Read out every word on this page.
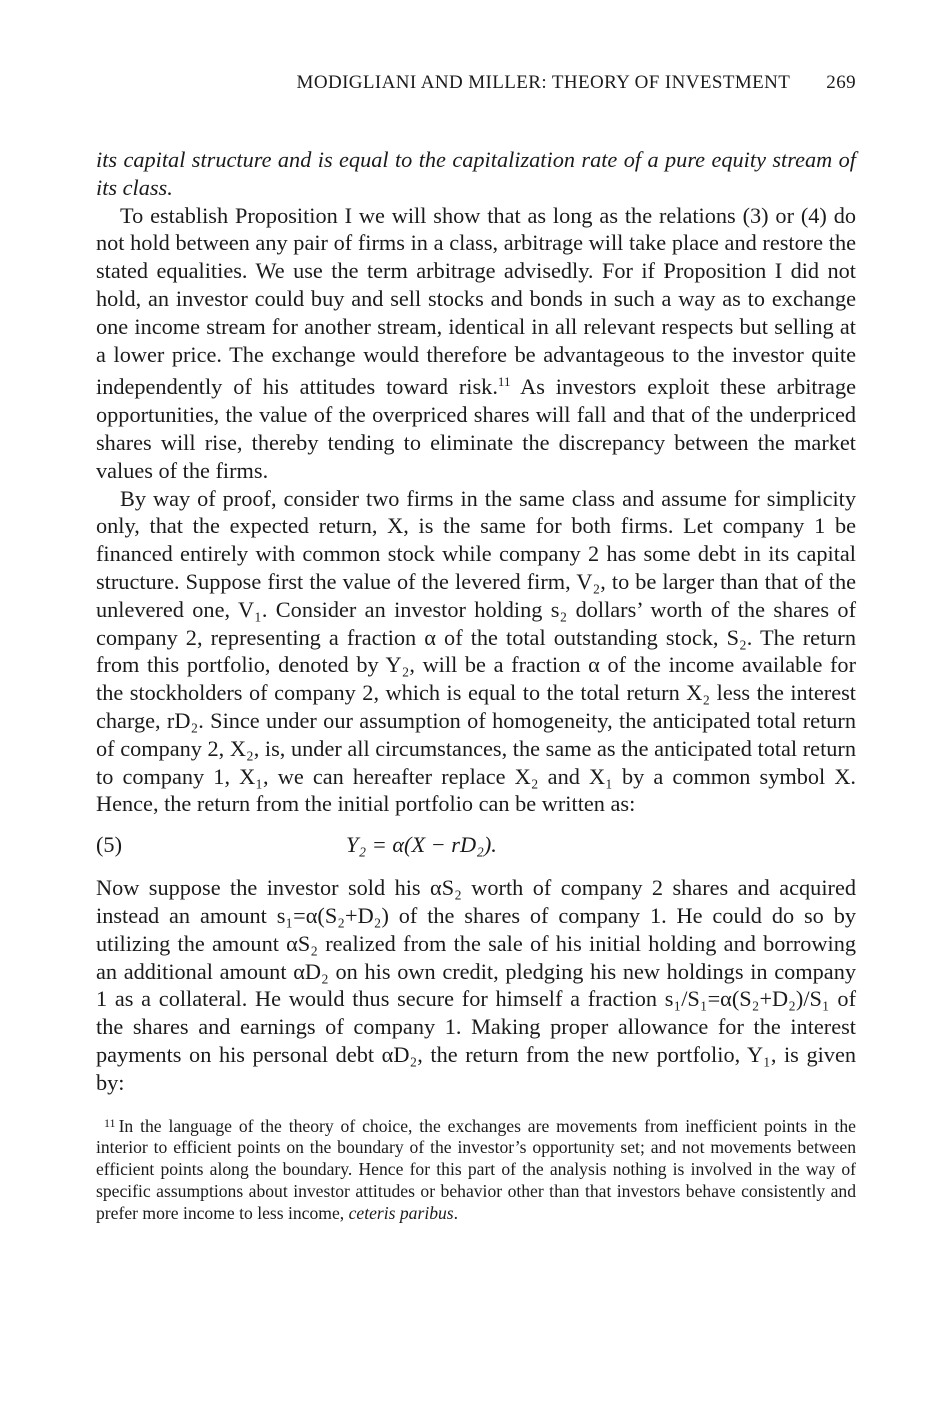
MODIGLIANI AND MILLER: THEORY OF INVESTMENT 269

its capital structure and is equal to the capitalization rate of a pure equity stream of its class.

To establish Proposition I we will show that as long as the relations (3) or (4) do not hold between any pair of firms in a class, arbitrage will take place and restore the stated equalities. We use the term arbitrage advisedly. For if Proposition I did not hold, an investor could buy and sell stocks and bonds in such a way as to exchange one income stream for another stream, identical in all relevant respects but selling at a lower price. The exchange would therefore be advantageous to the investor quite independently of his attitudes toward risk.$^{11}$ As investors exploit these arbitrage opportunities, the value of the overpriced shares will fall and that of the underpriced shares will rise, thereby tending to eliminate the discrepancy between the market values of the firms.

By way of proof, consider two firms in the same class and assume for simplicity only, that the expected return, X, is the same for both firms. Let company 1 be financed entirely with common stock while company 2 has some debt in its capital structure. Suppose first the value of the levered firm, V₂, to be larger than that of the unlevered one, V₁. Consider an investor holding s₂ dollars’ worth of the shares of company 2, representing a fraction α of the total outstanding stock, S₂. The return from this portfolio, denoted by Y₂, will be a fraction α of the income available for the stockholders of company 2, which is equal to the total return X₂ less the interest charge, rD₂. Since under our assumption of homogeneity, the anticipated total return of company 2, X₂, is, under all circumstances, the same as the anticipated total return to company 1, X₁, we can hereafter replace X₂ and X₁ by a common symbol X. Hence, the return from the initial portfolio can be written as:

(5)	Y₂ = α(X − rD₂).

Now suppose the investor sold his αS₂ worth of company 2 shares and acquired instead an amount s₁=α(S₂+D₂) of the shares of company 1. He could do so by utilizing the amount αS₂ realized from the sale of his initial holding and borrowing an additional amount αD₂ on his own credit, pledging his new holdings in company 1 as a collateral. He would thus secure for himself a fraction s₁/S₁=α(S₂+D₂)/S₁ of the shares and earnings of company 1. Making proper allowance for the interest payments on his personal debt αD₂, the return from the new portfolio, Y₁, is given by:

$^{11}$ In the language of the theory of choice, the exchanges are movements from inefficient points in the interior to efficient points on the boundary of the investor’s opportunity set; and not movements between efficient points along the boundary. Hence for this part of the analysis nothing is involved in the way of specific assumptions about investor attitudes or behavior other than that investors behave consistently and prefer more income to less income, ceteris paribus.
